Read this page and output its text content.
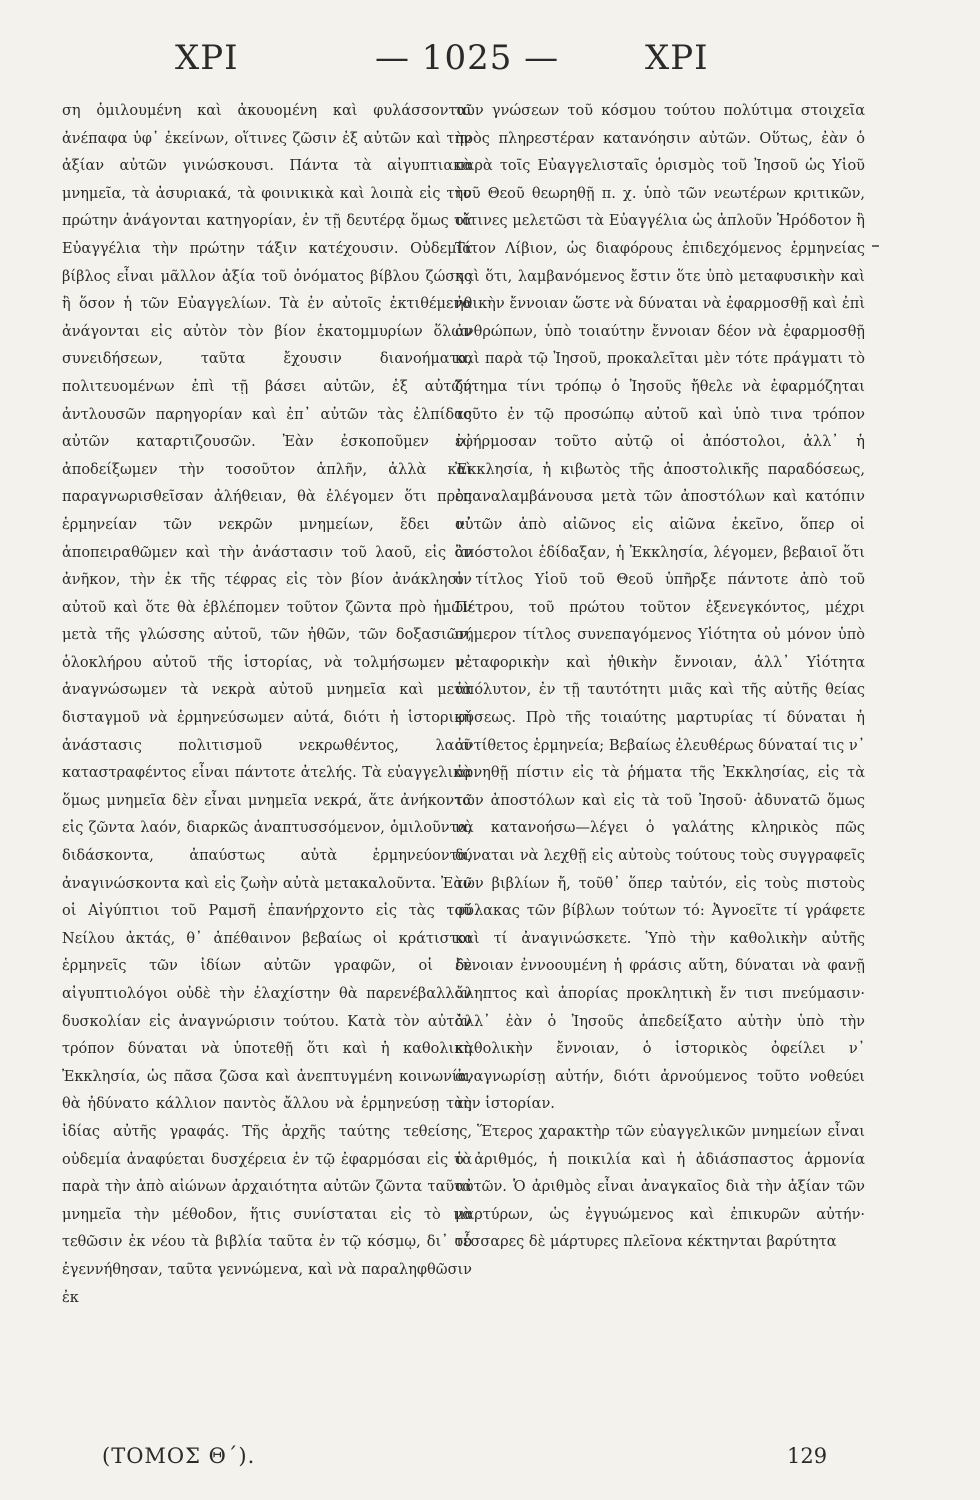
ΧΡΙ	— 1025 —	ΧΡΙ

ση ὁμιλουμένη καὶ ἀκουομένη καὶ φυλάσσονται ἀνέπαφα ὑφ᾽ ἐκείνων, οἵτινες ζῶσιν ἐξ αὐτῶν καὶ τὴν ἀξίαν αὐτῶν γινώσκουσι. Πάντα τὰ αἰγυπτιακὰ μνημεῖα, τὰ ἀσυριακά, τὰ φοινικικὰ καὶ λοιπὰ εἰς τὴν πρώτην ἀνάγονται κατηγορίαν, ἐν τῇ δευτέρᾳ ὅμως τὰ Εὐαγγέλια τὴν πρώτην τάξιν κατέχουσιν. Οὐδεμία βίβλος εἶναι μᾶλλον ἀξία τοῦ ὀνόματος βίβλου ζώσης ἢ ὅσον ἡ τῶν Εὐαγγελίων. Τὰ ἐν αὐτοῖς ἐκτιθέμενα ἀνάγονται εἰς αὐτὸν τὸν βίον ἑκατομμυρίων ὅλων συνειδήσεων, ταῦτα ἔχουσιν διανοήματα, πολιτευομένων ἐπὶ τῇ βάσει αὐτῶν, ἐξ αὐτῶν ἀντλουσῶν παρηγορίαν καὶ ἐπ᾽ αὐτῶν τὰς ἐλπίδας αὐτῶν καταρτιζουσῶν. Ἐὰν ἐσκοποῦμεν ν᾽ ἀποδείξωμεν τὴν τοσοῦτον ἁπλῆν, ἀλλὰ καὶ παραγνωρισθεῖσαν ἀλήθειαν, θὰ ἐλέγομεν ὅτι πρὸς ἑρμηνείαν τῶν νεκρῶν μνημείων, ἔδει ν᾽ ἀποπειραθῶμεν καὶ τὴν ἀνάστασιν τοῦ λαοῦ, εἰς ὃν ἀνῆκον, τὴν ἐκ τῆς τέφρας εἰς τὸν βίον ἀνάκλησιν αὐτοῦ καὶ ὅτε θὰ ἐβλέπομεν τοῦτον ζῶντα πρὸ ἡμῶν μετὰ τῆς γλώσσης αὐτοῦ, τῶν ἠθῶν, τῶν δοξασιῶν, ὁλοκλήρου αὐτοῦ τῆς ἱστορίας, νὰ τολμήσωμεν ν᾽ ἀναγνώσωμεν τὰ νεκρὰ αὐτοῦ μνημεῖα καὶ μετὰ δισταγμοῦ νὰ ἑρμηνεύσωμεν αὐτά, διότι ἡ ἱστορικὴ ἀνάστασις πολιτισμοῦ νεκρωθέντος, λαοῦ καταστραφέντος εἶναι πάντοτε ἀτελής. Τὰ εὐαγγελικὰ ὅμως μνημεῖα δὲν εἶναι μνημεῖα νεκρά, ἅτε ἀνήκοντα εἰς ζῶντα λαόν, διαρκῶς ἀναπτυσσόμενον, ὁμιλοῦντα, διδάσκοντα, ἀπαύστως αὐτὰ ἑρμηνεύοντα, ἀναγινώσκοντα καὶ εἰς ζωὴν αὐτὰ μετακαλοῦντα. Ἐὰν οἱ Αἰγύπτιοι τοῦ Ραμσῆ ἐπανήρχοντο εἰς τὰς τοῦ Νείλου ἀκτάς, θ᾽ ἀπέθαινον βεβαίως οἱ κράτιστοι ἑρμηνεῖς τῶν ἰδίων αὐτῶν γραφῶν, οἱ δὲ αἰγυπτιολόγοι οὐδὲ τὴν ἐλαχίστην θὰ παρενέβαλλον δυσκολίαν εἰς ἀναγνώρισιν τούτου. Κατὰ τὸν αὐτὸν τρόπον δύναται νὰ ὑποτεθῇ ὅτι καὶ ἡ καθολικὴ Ἐκκλησία, ὡς πᾶσα ζῶσα καὶ ἀνεπτυγμένη κοινωνία, θὰ ἠδύνατο κάλλιον παντὸς ἄλλου νὰ ἑρμηνεύσῃ τὰς ἰδίας αὐτῆς γραφάς. Τῆς ἀρχῆς ταύτης τεθείσης, οὐδεμία ἀναφύεται δυσχέρεια ἐν τῷ ἐφαρμόσαι εἰς τὰ παρὰ τὴν ἀπὸ αἰώνων ἀρχαιότητα αὐτῶν ζῶντα ταῦτα μνημεῖα τὴν μέθοδον, ἥτις συνίσταται εἰς τὸ νὰ τεθῶσιν ἐκ νέου τὰ βιβλία ταῦτα ἐν τῷ κόσμῳ, δι᾽ οὗ ἐγεννήθησαν, ταῦτα γεννώμενα, καὶ νὰ παραληφθῶσιν ἐκ

τῶν γνώσεων τοῦ κόσμου τούτου πολύτιμα στοιχεῖα πρὸς πληρεστέραν κατανόησιν αὐτῶν. Οὕτως, ἐὰν ὁ παρὰ τοῖς Εὐαγγελισταῖς ὁρισμὸς τοῦ Ἰησοῦ ὡς Υἱοῦ τοῦ Θεοῦ θεωρηθῇ π. χ. ὑπὸ τῶν νεωτέρων κριτικῶν, οἵτινες μελετῶσι τὰ Εὐαγγέλια ὡς ἁπλοῦν Ἡρόδοτον ἢ Τίτον Λίβιον, ὡς διαφόρους ἐπιδεχόμενος ἑρμηνείας καὶ ὅτι, λαμβανόμενος ἔστιν ὅτε ὑπὸ μεταφυσικὴν καὶ ἠθικὴν ἔννοιαν ὥστε νὰ δύναται νὰ ἐφαρμοσθῇ καὶ ἐπὶ ἀνθρώπων, ὑπὸ τοιαύτην ἔννοιαν δέον νὰ ἐφαρμοσθῇ καὶ παρὰ τῷ Ἰησοῦ, προκαλεῖται μὲν τότε πράγματι τὸ ζήτημα τίνι τρόπῳ ὁ Ἰησοῦς ἤθελε νὰ ἐφαρμόζηται τοῦτο ἐν τῷ προσώπῳ αὐτοῦ καὶ ὑπὸ τινα τρόπον ἐφήρμοσαν τοῦτο αὐτῷ οἱ ἀπόστολοι, ἀλλ᾽ ἡ Ἐκκλησία, ἡ κιβωτὸς τῆς ἀποστολικῆς παραδόσεως, ἐπαναλαμβάνουσα μετὰ τῶν ἀποστόλων καὶ κατόπιν αὐτῶν ἀπὸ αἰῶνος εἰς αἰῶνα ἐκεῖνο, ὅπερ οἱ ἀπόστολοι ἐδίδαξαν, ἡ Ἐκκλησία, λέγομεν, βεβαιοῖ ὅτι ὁ τίτλος Υἱοῦ τοῦ Θεοῦ ὑπῆρξε πάντοτε ἀπὸ τοῦ Πέτρου, τοῦ πρώτου τοῦτον ἐξενεγκόντος, μέχρι σήμερον τίτλος συνεπαγόμενος Υἱότητα οὐ μόνον ὑπὸ μεταφορικὴν καὶ ἠθικὴν ἔννοιαν, ἀλλ᾽ Υἱότητα ἀπόλυτον, ἐν τῇ ταυτότητι μιᾶς καὶ τῆς αὐτῆς θείας φύσεως. Πρὸ τῆς τοιαύτης μαρτυρίας τί δύναται ἡ ἀντίθετος ἑρμηνεία; Βεβαίως ἐλευθέρως δύναταί τις ν᾽ ἀρνηθῇ πίστιν εἰς τὰ ῥήματα τῆς Ἐκκλησίας, εἰς τὰ τῶν ἀποστόλων καὶ εἰς τὰ τοῦ Ἰησοῦ· ἀδυνατῶ ὅμως νὰ κατανοήσω—λέγει ὁ γαλάτης κληρικὸς πῶς δύναται νὰ λεχθῇ εἰς αὐτοὺς τούτους τοὺς συγγραφεῖς τῶν βιβλίων ἤ, τοῦθ᾽ ὅπερ ταὐτόν, εἰς τοὺς πιστοὺς φύλακας τῶν βίβλων τούτων τό: Ἀγνοεῖτε τί γράφετε καὶ τί ἀναγινώσκετε. Ὑπὸ τὴν καθολικὴν αὐτῆς ἔννοιαν ἐννοουμένη ἡ φράσις αὕτη, δύναται νὰ φανῇ ἄληπτος καὶ ἀπορίας προκλητικὴ ἔν τισι πνεύμασιν· ἀλλ᾽ ἐὰν ὁ Ἰησοῦς ἀπεδείξατο αὐτὴν ὑπὸ τὴν καθολικὴν ἔννοιαν, ὁ ἱστορικὸς ὀφείλει ν᾽ ἀναγνωρίσῃ αὐτήν, διότι ἀρνούμενος τοῦτο νοθεύει τὴν ἱστορίαν.

Ἕτερος χαρακτὴρ τῶν εὐαγγελικῶν μνημείων εἶναι ὁ ἀριθμός, ἡ ποικιλία καὶ ἡ ἀδιάσπαστος ἁρμονία αὐτῶν. Ὁ ἀριθμὸς εἶναι ἀναγκαῖος διὰ τὴν ἀξίαν τῶν μαρτύρων, ὡς ἐγγυώμενος καὶ ἐπικυρῶν αὐτήν· τέσσαρες δὲ μάρτυρες πλεῖονα κέκτηνται βαρύτητα

(ΤΟΜΟΣ Θ΄).	129
